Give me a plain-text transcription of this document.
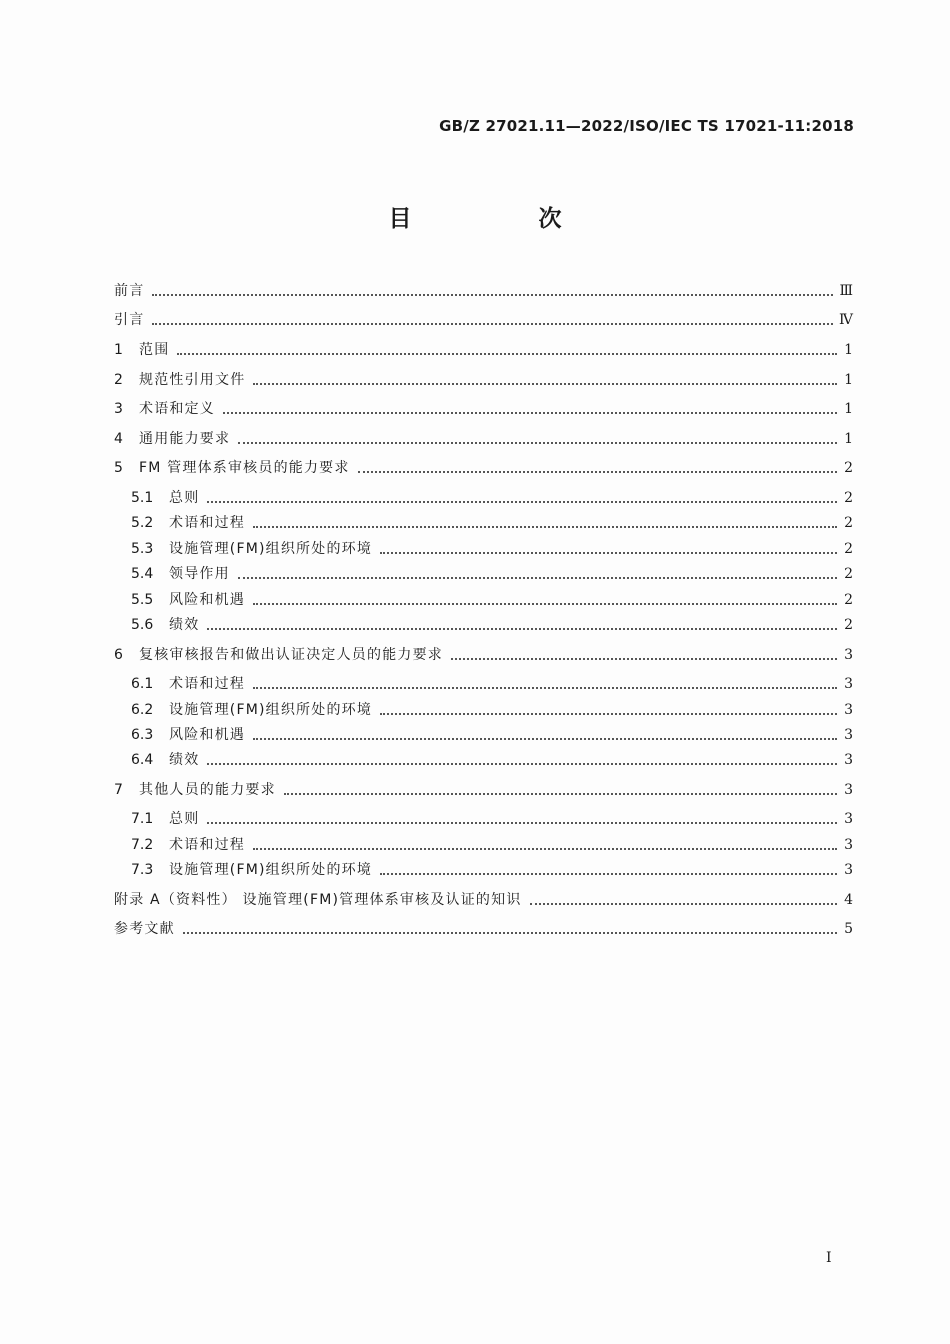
GB/Z 27021.11—2022/ISO/IEC TS 17021-11:2018
目　次
前言	Ⅲ
引言	Ⅳ
1	范围	1
2	规范性引用文件	1
3	术语和定义	1
4	通用能力要求	1
5	FM 管理体系审核员的能力要求	2
5.1	总则	2
5.2	术语和过程	2
5.3	设施管理(FM)组织所处的环境	2
5.4	领导作用	2
5.5	风险和机遇	2
5.6	绩效	2
6	复核审核报告和做出认证决定人员的能力要求	3
6.1	术语和过程	3
6.2	设施管理(FM)组织所处的环境	3
6.3	风险和机遇	3
6.4	绩效	3
7	其他人员的能力要求	3
7.1	总则	3
7.2	术语和过程	3
7.3	设施管理(FM)组织所处的环境	3
附录 A（资料性） 设施管理(FM)管理体系审核及认证的知识	4
参考文献	5
I
